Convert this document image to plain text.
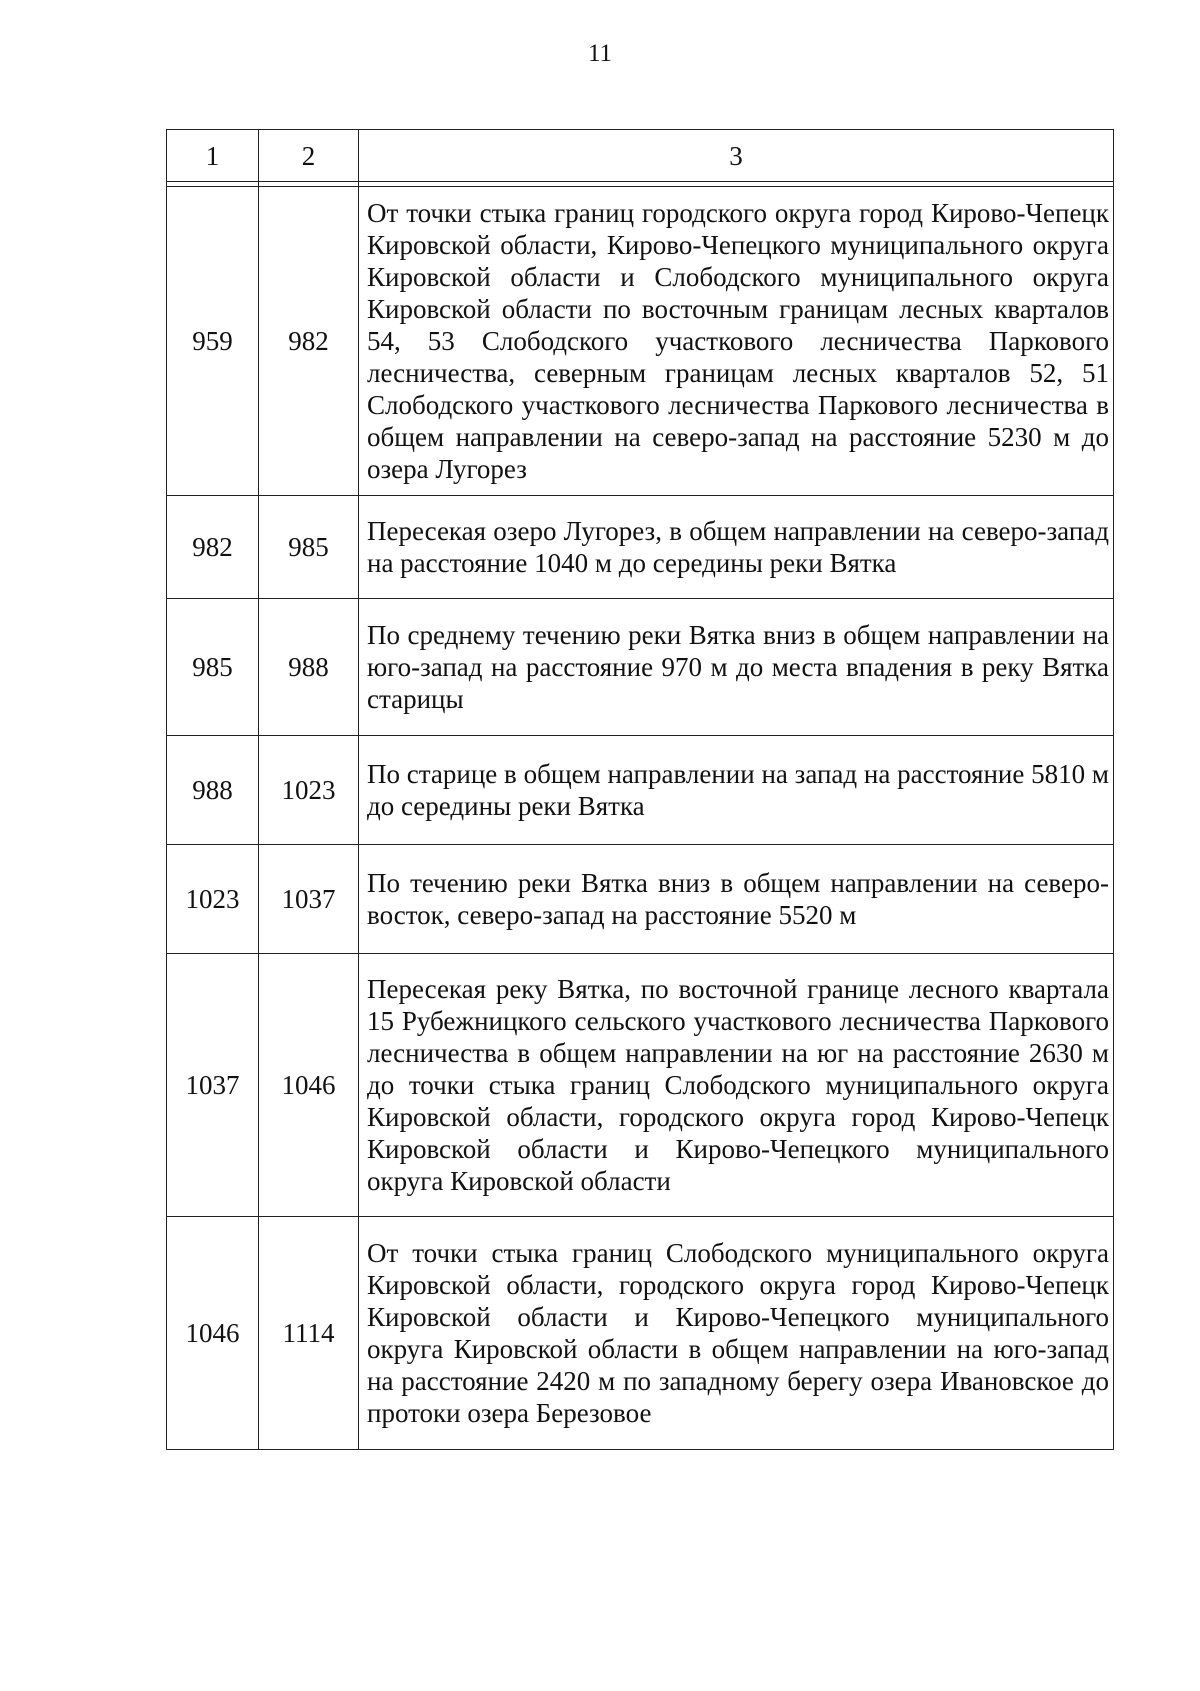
11
1	2	3

959	982	От точки стыка границ городского округа город Кирово-Чепецк Кировской области, Кирово-Чепецкого муниципального округа Кировской области и Слободского муниципального округа Кировской области по восточным границам лесных кварталов 54, 53 Слободского участкового лесничества Паркового лесничества, северным границам лесных кварталов 52, 51 Слободского участкового лесничества Паркового лесничества в общем направлении на северо-запад на расстояние 5230 м до озера Лугорез
982	985	Пересекая озеро Лугорез, в общем направлении на северо-запад на расстояние 1040 м до середины реки Вятка
985	988	По среднему течению реки Вятка вниз в общем направлении на юго-запад на расстояние 970 м до места впадения в реку Вятка старицы
988	1023	По старице в общем направлении на запад на расстояние 5810 м до середины реки Вятка
1023	1037	По течению реки Вятка вниз в общем направлении на северо-восток, северо-запад на расстояние 5520 м
1037	1046	Пересекая реку Вятка, по восточной границе лесного квартала 15 Рубежницкого сельского участкового лесничества Паркового лесничества в общем направлении на юг на расстояние 2630 м до точки стыка границ Слободского муниципального округа Кировской области, городского округа город Кирово-Чепецк Кировской области и Кирово-Чепецкого муниципального округа Кировской области
1046	1114	От точки стыка границ Слободского муниципального округа Кировской области, городского округа город Кирово-Чепецк Кировской области и Кирово-Чепецкого муниципального округа Кировской области в общем направлении на юго-запад на расстояние 2420 м по западному берегу озера Ивановское до протоки озера Березовое
